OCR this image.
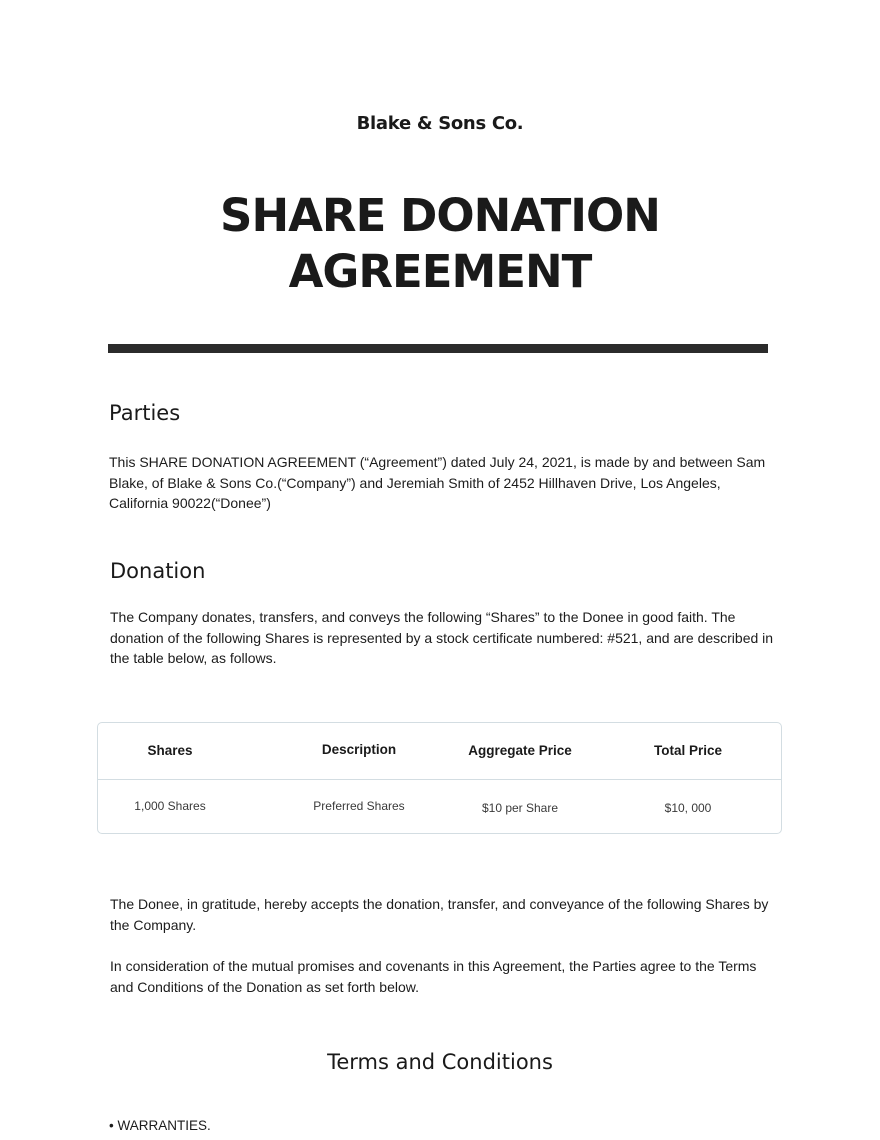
Blake & Sons Co.
SHARE DONATION
AGREEMENT
Parties

This SHARE DONATION AGREEMENT (“Agreement”) dated July 24, 2021, is made by and between Sam Blake, of Blake & Sons Co.(“Company”) and Jeremiah Smith of 2452 Hillhaven Drive, Los Angeles, California 90022(“Donee”)

Donation

The Company donates, transfers, and conveys the following “Shares” to the Donee in good faith. The donation of the following Shares is represented by a stock certificate numbered: #521, and are described in the table below, as follows.

Shares	Description	Aggregate Price	Total Price
1,000 Shares	Preferred Shares	$10 per Share	$10, 000

The Donee, in gratitude, hereby accepts the donation, transfer, and conveyance of the following Shares by the Company.

In consideration of the mutual promises and covenants in this Agreement, the Parties agree to the Terms and Conditions of the Donation as set forth below.

Terms and Conditions
• WARRANTIES.
